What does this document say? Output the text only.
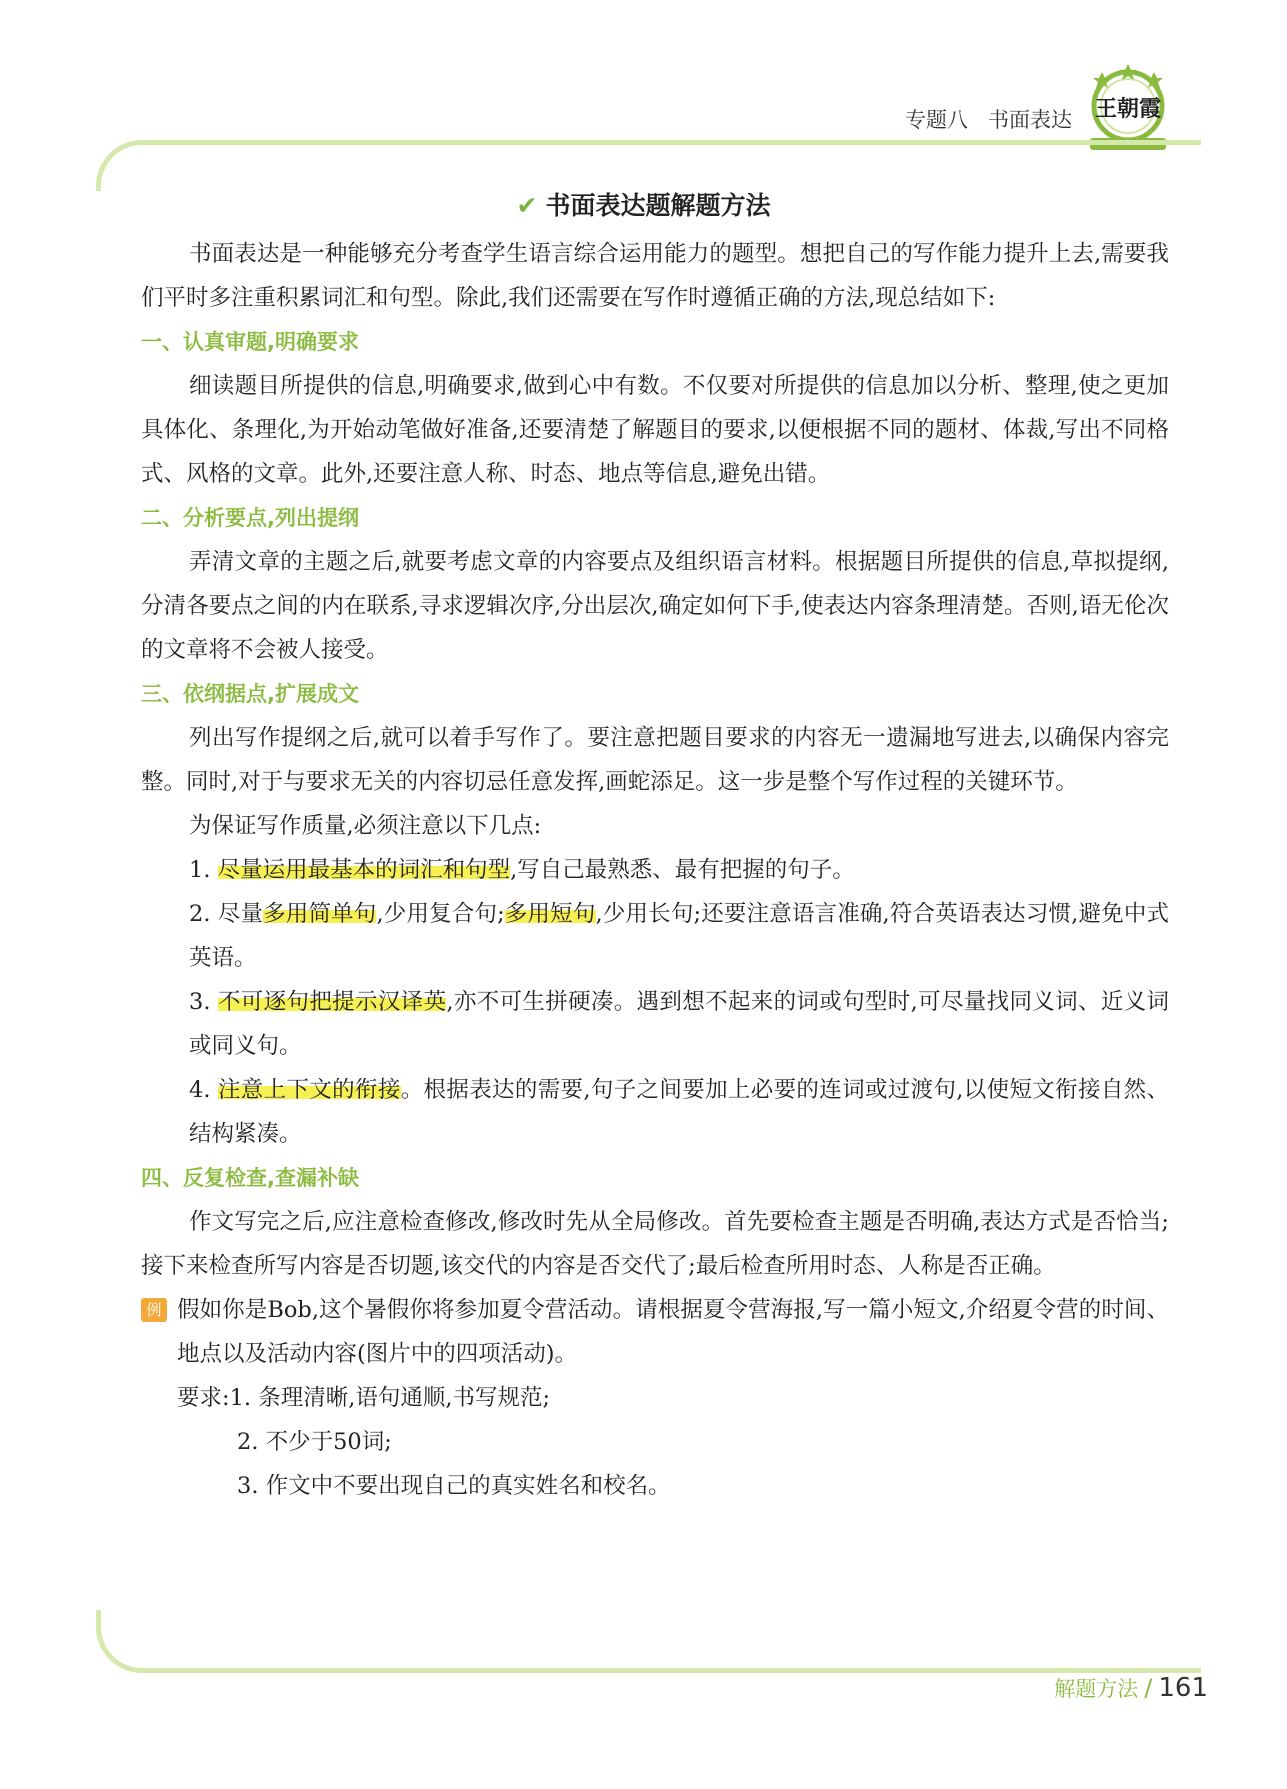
专题八 书面表达 王朝霞
✔ 书面表达题解题方法

书面表达是一种能够充分考查学生语言综合运用能力的题型。想把自己的写作能力提升上去,需要我们平时多注重积累词汇和句型。除此,我们还需要在写作时遵循正确的方法,现总结如下:

一、认真审题,明确要求

细读题目所提供的信息,明确要求,做到心中有数。不仅要对所提供的信息加以分析、整理,使之更加具体化、条理化,为开始动笔做好准备,还要清楚了解题目的要求,以便根据不同的题材、体裁,写出不同格式、风格的文章。此外,还要注意人称、时态、地点等信息,避免出错。

二、分析要点,列出提纲

弄清文章的主题之后,就要考虑文章的内容要点及组织语言材料。根据题目所提供的信息,草拟提纲,分清各要点之间的内在联系,寻求逻辑次序,分出层次,确定如何下手,使表达内容条理清楚。否则,语无伦次的文章将不会被人接受。

三、依纲据点,扩展成文

列出写作提纲之后,就可以着手写作了。要注意把题目要求的内容无一遗漏地写进去,以确保内容完整。同时,对于与要求无关的内容切忌任意发挥,画蛇添足。这一步是整个写作过程的关键环节。

为保证写作质量,必须注意以下几点:

1. 尽量运用最基本的词汇和句型,写自己最熟悉、最有把握的句子。

2. 尽量多用简单句,少用复合句;多用短句,少用长句;还要注意语言准确,符合英语表达习惯,避免中式英语。

3. 不可逐句把提示汉译英,亦不可生拼硬凑。遇到想不起来的词或句型时,可尽量找同义词、近义词或同义句。

4. 注意上下文的衔接。根据表达的需要,句子之间要加上必要的连词或过渡句,以使短文衔接自然、结构紧凑。

四、反复检查,查漏补缺

作文写完之后,应注意检查修改,修改时先从全局修改。首先要检查主题是否明确,表达方式是否恰当;接下来检查所写内容是否切题,该交代的内容是否交代了;最后检查所用时态、人称是否正确。

例 假如你是Bob,这个暑假你将参加夏令营活动。请根据夏令营海报,写一篇小短文,介绍夏令营的时间、地点以及活动内容(图片中的四项活动)。

要求:1. 条理清晰,语句通顺,书写规范;

2. 不少于50词;

3. 作文中不要出现自己的真实姓名和校名。

解题方法 / 161
